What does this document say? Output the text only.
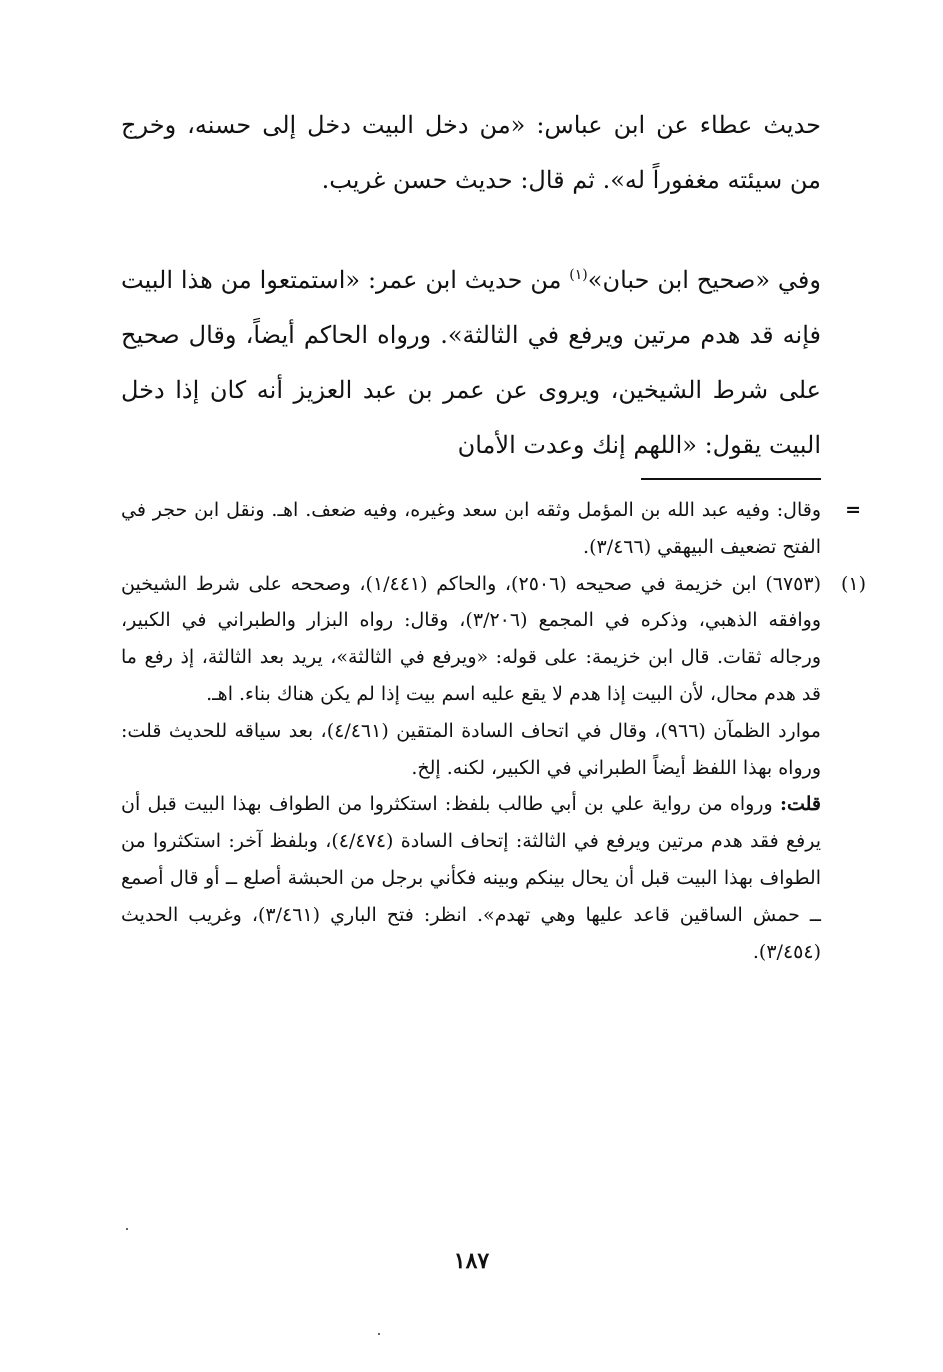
حديث عطاء عن ابن عباس: «من دخل البيت دخل إلى حسنه، وخرج من سيئته مغفوراً له». ثم قال: حديث حسن غريب.

وفي «صحيح ابن حبان»$^{(١)}$ من حديث ابن عمر: «استمتعوا من هذا البيت فإنه قد هدم مرتين ويرفع في الثالثة». ورواه الحاكم أيضاً، وقال صحيح على شرط الشيخين، ويروى عن عمر بن عبد العزيز أنه كان إذا دخل البيت يقول: «اللهم إنك وعدت الأمان

=
وقال: وفيه عبد الله بن المؤمل وثقه ابن سعد وغيره، وفيه ضعف. اهـ. ونقل ابن حجر في الفتح تضعيف البيهقي (٣/٤٦٦).

(١)
(٦٧٥٣) ابن خزيمة في صحيحه (٢٥٠٦)، والحاكم (١/٤٤١)، وصححه على شرط الشيخين ووافقه الذهبي، وذكره في المجمع (٣/٢٠٦)، وقال: رواه البزار والطبراني في الكبير، ورجاله ثقات. قال ابن خزيمة: على قوله: «ويرفع في الثالثة»، يريد بعد الثالثة، إذ رفع ما قد هدم محال، لأن البيت إذا هدم لا يقع عليه اسم بيت إذا لم يكن هناك بناء. اهـ.

موارد الظمآن (٩٦٦)، وقال في اتحاف السادة المتقين (٤/٤٦١)، بعد سياقه للحديث قلت: ورواه بهذا اللفظ أيضاً الطبراني في الكبير، لكنه. إلخ.

قلت: ورواه من رواية علي بن أبي طالب بلفظ: استكثروا من الطواف بهذا البيت قبل أن يرفع فقد هدم مرتين ويرفع في الثالثة: إتحاف السادة (٤/٤٧٤)، وبلفظ آخر: استكثروا من الطواف بهذا البيت قبل أن يحال بينكم وبينه فكأني برجل من الحبشة أصلع ــ أو قال أصمع ــ حمش الساقين قاعد عليها وهي تهدم». انظر: فتح الباري (٣/٤٦١)، وغريب الحديث (٣/٤٥٤).

١٨٧
